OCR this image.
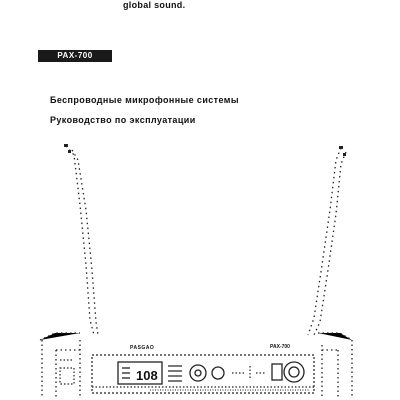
global sound.
PAX-700
Беспроводные микрофонные системы
Руководство по эксплуатации
108
PASGAO	PAX-700
